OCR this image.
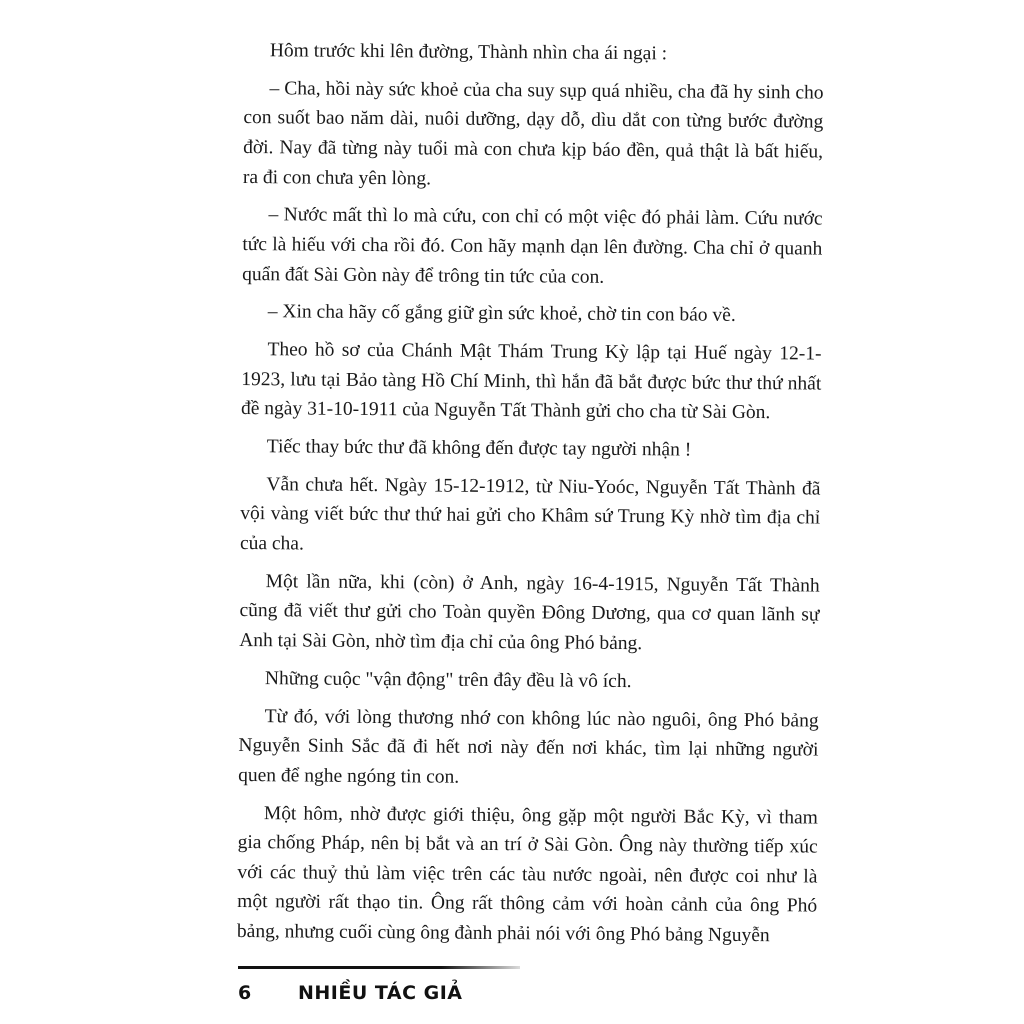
Hôm trước khi lên đường, Thành nhìn cha ái ngại :

– Cha, hồi này sức khoẻ của cha suy sụp quá nhiều, cha đã hy sinh cho con suốt bao năm dài, nuôi dưỡng, dạy dỗ, dìu dắt con từng bước đường đời. Nay đã từng này tuổi mà con chưa kịp báo đền, quả thật là bất hiếu, ra đi con chưa yên lòng.

– Nước mất thì lo mà cứu, con chỉ có một việc đó phải làm. Cứu nước tức là hiếu với cha rồi đó. Con hãy mạnh dạn lên đường. Cha chỉ ở quanh quẩn đất Sài Gòn này để trông tin tức của con.

– Xin cha hãy cố gắng giữ gìn sức khoẻ, chờ tin con báo về.

Theo hồ sơ của Chánh Mật Thám Trung Kỳ lập tại Huế ngày 12-1-1923, lưu tại Bảo tàng Hồ Chí Minh, thì hắn đã bắt được bức thư thứ nhất đề ngày 31-10-1911 của Nguyễn Tất Thành gửi cho cha từ Sài Gòn.

Tiếc thay bức thư đã không đến được tay người nhận !

Vẫn chưa hết. Ngày 15-12-1912, từ Niu-Yoóc, Nguyễn Tất Thành đã vội vàng viết bức thư thứ hai gửi cho Khâm sứ Trung Kỳ nhờ tìm địa chỉ của cha.

Một lần nữa, khi (còn) ở Anh, ngày 16-4-1915, Nguyễn Tất Thành cũng đã viết thư gửi cho Toàn quyền Đông Dương, qua cơ quan lãnh sự Anh tại Sài Gòn, nhờ tìm địa chỉ của ông Phó bảng.

Những cuộc "vận động" trên đây đều là vô ích.

Từ đó, với lòng thương nhớ con không lúc nào nguôi, ông Phó bảng Nguyễn Sinh Sắc đã đi hết nơi này đến nơi khác, tìm lại những người quen để nghe ngóng tin con.

Một hôm, nhờ được giới thiệu, ông gặp một người Bắc Kỳ, vì tham gia chống Pháp, nên bị bắt và an trí ở Sài Gòn. Ông này thường tiếp xúc với các thuỷ thủ làm việc trên các tàu nước ngoài, nên được coi như là một người rất thạo tin. Ông rất thông cảm với hoàn cảnh của ông Phó bảng, nhưng cuối cùng ông đành phải nói với ông Phó bảng Nguyễn

6	NHIỀU TÁC GIẢ
